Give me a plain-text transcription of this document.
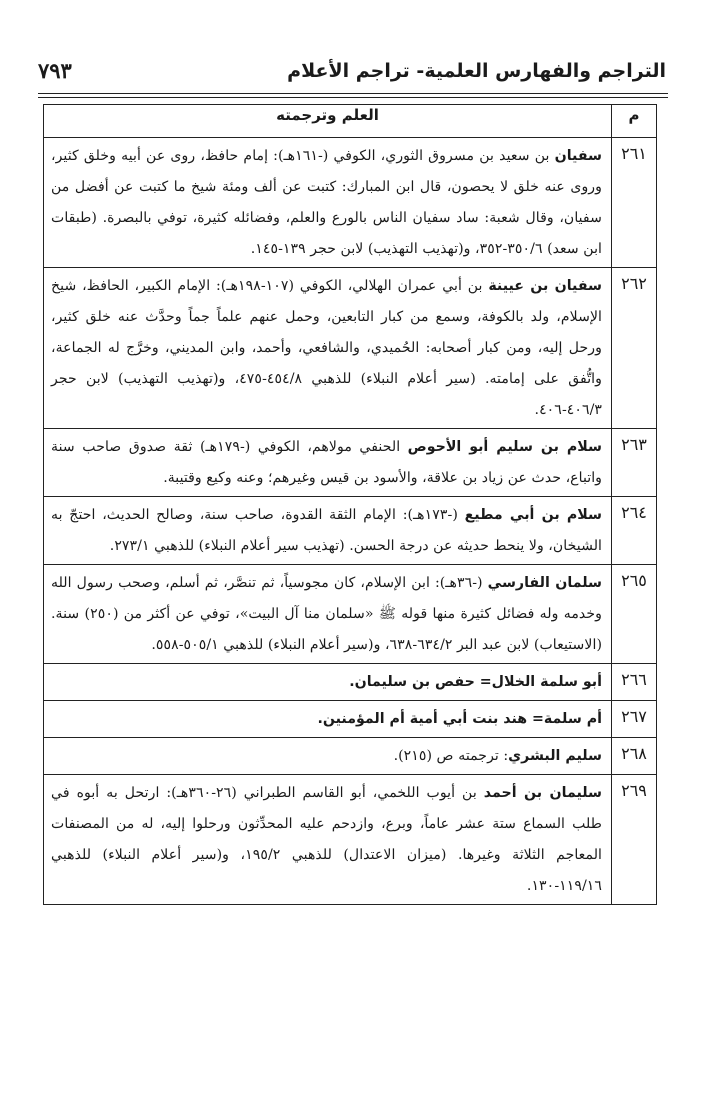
التراجم والفهارس العلمية- تراجم الأعلام
٧٩٣
م	العلم وترجمته
٢٦١	سفيان بن سعيد بن مسروق الثوري، الكوفي (-١٦١هـ): إمام حافظ، روى عن أبيه وخلق كثير، وروى عنه خلق لا يحصون، قال ابن المبارك: كتبت عن ألف ومئة شيخ ما كتبت عن أفضل من سفيان، وقال شعبة: ساد سفيان الناس بالورع والعلم، وفضائله كثيرة، توفي بالبصرة. (طبقات ابن سعد) ٣٥٠/٦-٣٥٢، و(تهذيب التهذيب) لابن حجر ١٣٩-١٤٥.
٢٦٢	سفيان بن عيينة بن أبي عمران الهلالي، الكوفي (١٠٧-١٩٨هـ): الإمام الكبير، الحافظ، شيخ الإسلام، ولد بالكوفة، وسمع من كبار التابعين، وحمل عنهم علماً جماً وحدَّث عنه خلق كثير، ورحل إليه، ومن كبار أصحابه: الحُميدي، والشافعي، وأحمد، وابن المديني، وخرَّج له الجماعة، واتُّفق على إمامته. (سير أعلام النبلاء) للذهبي ٤٥٤/٨-٤٧٥، و(تهذيب التهذيب) لابن حجر ٤٠٦/٣-٤٠٦.
٢٦٣	سلام بن سليم أبو الأحوص الحنفي مولاهم، الكوفي (-١٧٩هـ) ثقة صدوق صاحب سنة واتباع، حدث عن زياد بن علاقة، والأسود بن قيس وغيرهم؛ وعنه وكيع وقتيبة.
٢٦٤	سلام بن أبي مطيع (-١٧٣هـ): الإمام الثقة القدوة، صاحب سنة، وصالح الحديث، احتجّ به الشيخان، ولا ينحط حديثه عن درجة الحسن. (تهذيب سير أعلام النبلاء) للذهبي ٢٧٣/١.
٢٦٥	سلمان الفارسي (-٣٦هـ): ابن الإسلام، كان مجوسياً، ثم تنصَّر، ثم أسلم، وصحب رسول الله وخدمه وله فضائل كثيرة منها قوله ﷺ «سلمان منا آل البيت»، توفي عن أكثر من (٢٥٠) سنة. (الاستيعاب) لابن عبد البر ٦٣٤/٢-٦٣٨، و(سير أعلام النبلاء) للذهبي ٥٠٥/١-٥٥٨.
٢٦٦	أبو سلمة الخلال= حفص بن سليمان.
٢٦٧	أم سلمة= هند بنت أبي أمية أم المؤمنين.
٢٦٨	سليم البشري: ترجمته ص (٢١٥).
٢٦٩	سليمان بن أحمد بن أيوب اللخمي، أبو القاسم الطبراني (٢٦-٣٦٠هـ): ارتحل به أبوه في طلب السماع ستة عشر عاماً، وبرع، وازدحم عليه المحدِّثون ورحلوا إليه، له من المصنفات المعاجم الثلاثة وغيرها. (ميزان الاعتدال) للذهبي ١٩٥/٢، و(سير أعلام النبلاء) للذهبي ١١٩/١٦-١٣٠.
